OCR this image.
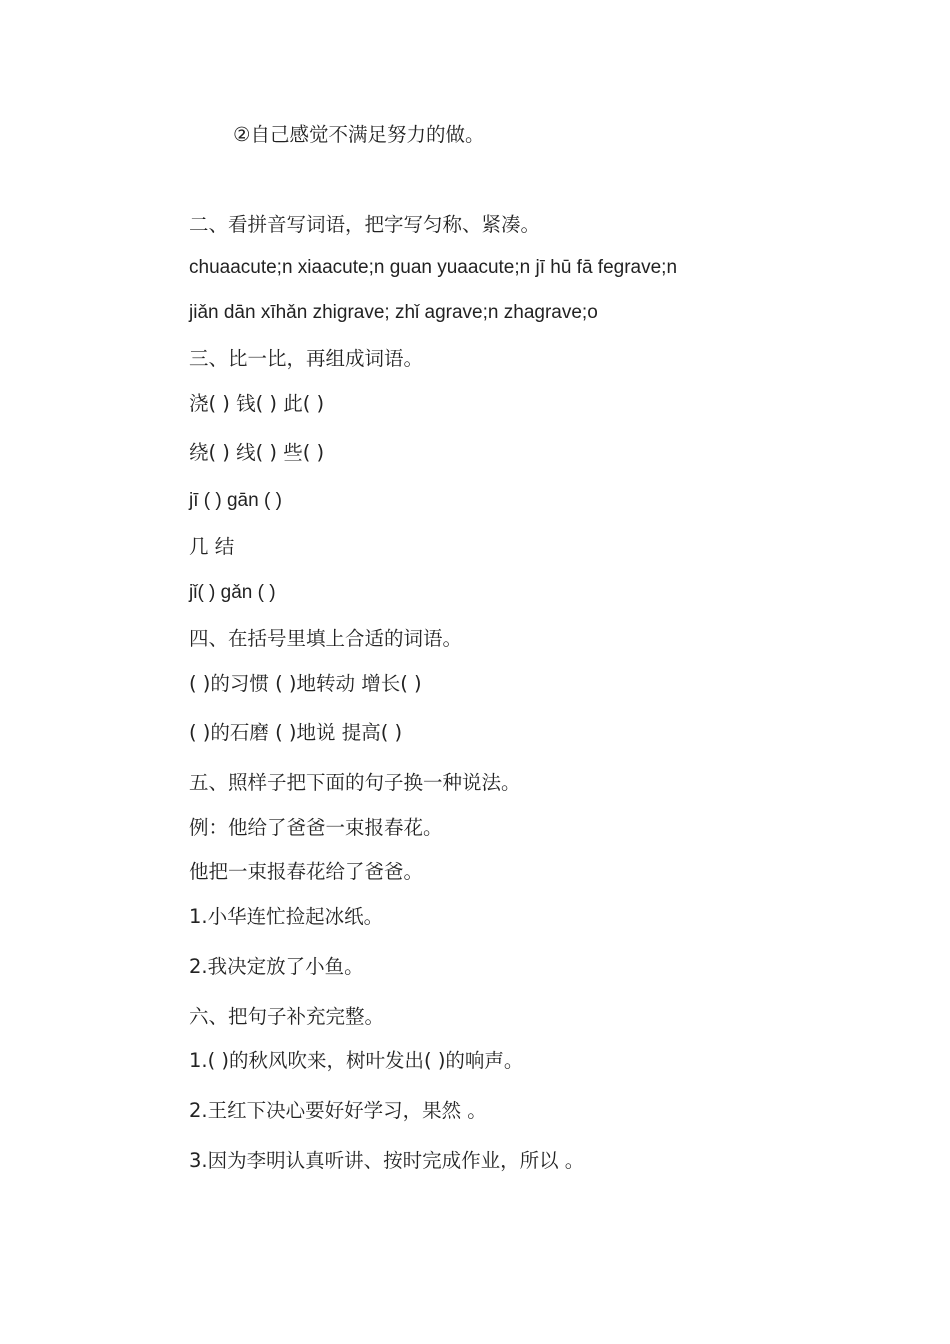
②自己感觉不满足努力的做。
二、看拼音写词语，把字写匀称、紧凑。
chuaacute;n xiaacute;n guan yuaacute;n jī hū fā fegrave;n
jiǎn dān xīhǎn zhigrave; zhǐ agrave;n zhagrave;o
三、比一比，再组成词语。
浇( ) 钱( ) 此( )
绕( ) 线( ) 些( )
jī ( ) gān ( )
几 结
jǐ( ) gǎn ( )
四、在括号里填上合适的词语。
( )的习惯 ( )地转动 增长( )
( )的石磨 ( )地说 提高( )
五、照样子把下面的句子换一种说法。
例：他给了爸爸一束报春花。
他把一束报春花给了爸爸。
1.小华连忙捡起冰纸。
2.我决定放了小鱼。
六、把句子补充完整。
1.( )的秋风吹来，树叶发出( )的响声。
2.王红下决心要好好学习，果然 。
3.因为李明认真听讲、按时完成作业，所以 。
